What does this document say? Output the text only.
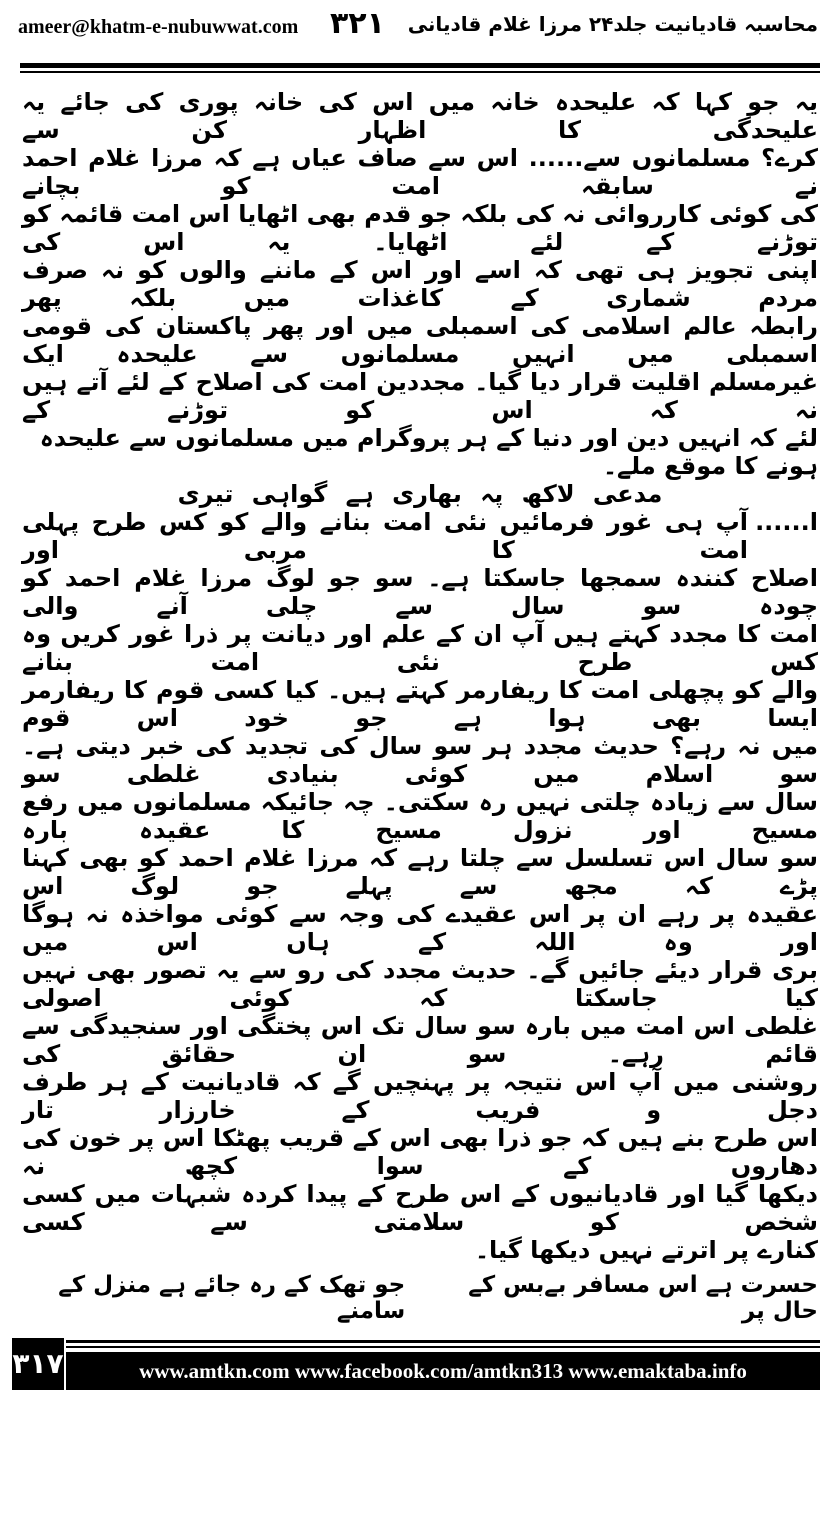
ameer@khatm-e-nubuwwat.com ۳۲۱ محاسبہ قادیانیت جلد۲۴ مرزا غلام قادیانی
یہ جو کہا کہ علیحدہ خانہ میں اس کی خانہ پوری کی جائے یہ علیحدگی کا اظہار کن سے
کرے؟ مسلمانوں سے...... اس سے صاف عیاں ہے کہ مرزا غلام احمد نے سابقہ امت کو بچانے
کی کوئی کارروائی نہ کی بلکہ جو قدم بھی اٹھایا اس امت قائمہ کو توڑنے کے لئے اٹھایا۔ یہ اس کی
اپنی تجویز ہی تھی کہ اسے اور اس کے ماننے والوں کو نہ صرف مردم شماری کے کاغذات میں بلکہ پھر
رابطہ عالم اسلامی کی اسمبلی میں اور پھر پاکستان کی قومی اسمبلی میں انہیں مسلمانوں سے علیحدہ ایک
غیرمسلم اقلیت قرار دیا گیا۔ مجددین امت کی اصلاح کے لئے آتے ہیں نہ کہ اس کو توڑنے کے
لئے کہ انہیں دین اور دنیا کے ہر پروگرام میں مسلمانوں سے علیحدہ ہونے کا موقع ملے۔
مدعی لاکھ پہ بھاری ہے گواہی تیری
ا......
آپ ہی غور فرمائیں نئی امت بنانے والے کو کس طرح پہلی امت کا مربی اور
اصلاح کنندہ سمجھا جاسکتا ہے۔ سو جو لوگ مرزا غلام احمد کو چودہ سو سال سے چلی آنے والی
امت کا مجدد کہتے ہیں آپ ان کے علم اور دیانت پر ذرا غور کریں وہ کس طرح نئی امت بنانے
والے کو پچھلی امت کا ریفارمر کہتے ہیں۔ کیا کسی قوم کا ریفارمر ایسا بھی ہوا ہے جو خود اس قوم
میں نہ رہے؟ حدیث مجدد ہر سو سال کی تجدید کی خبر دیتی ہے۔ سو اسلام میں کوئی بنیادی غلطی سو
سال سے زیادہ چلتی نہیں رہ سکتی۔ چہ جائیکہ مسلمانوں میں رفع مسیح اور نزول مسیح کا عقیدہ بارہ
سو سال اس تسلسل سے چلتا رہے کہ مرزا غلام احمد کو بھی کہنا پڑے کہ مجھ سے پہلے جو لوگ اس
عقیدہ پر رہے ان پر اس عقیدے کی وجہ سے کوئی مواخذہ نہ ہوگا اور وہ اللہ کے ہاں اس میں
بری قرار دیئے جائیں گے۔ حدیث مجدد کی رو سے یہ تصور بھی نہیں کیا جاسکتا کہ کوئی اصولی
غلطی اس امت میں بارہ سو سال تک اس پختگی اور سنجیدگی سے قائم رہے۔ سو ان حقائق کی
روشنی میں آپ اس نتیجہ پر پہنچیں گے کہ قادیانیت کے ہر طرف دجل و فریب کے خارزار تار
اس طرح بنے ہیں کہ جو ذرا بھی اس کے قریب پھٹکا اس پر خون کی دھاروں کے سوا کچھ نہ
دیکھا گیا اور قادیانیوں کے اس طرح کے پیدا کردہ شبہات میں کسی شخص کو سلامتی سے کسی
کنارے پر اترتے نہیں دیکھا گیا۔
حسرت ہے اس مسافر بےبس کے حال پر
جو تھک کے رہ جائے ہے منزل کے سامنے
۳۱۷	www.amtkn.com www.facebook.com/amtkn313 www.emaktaba.info
